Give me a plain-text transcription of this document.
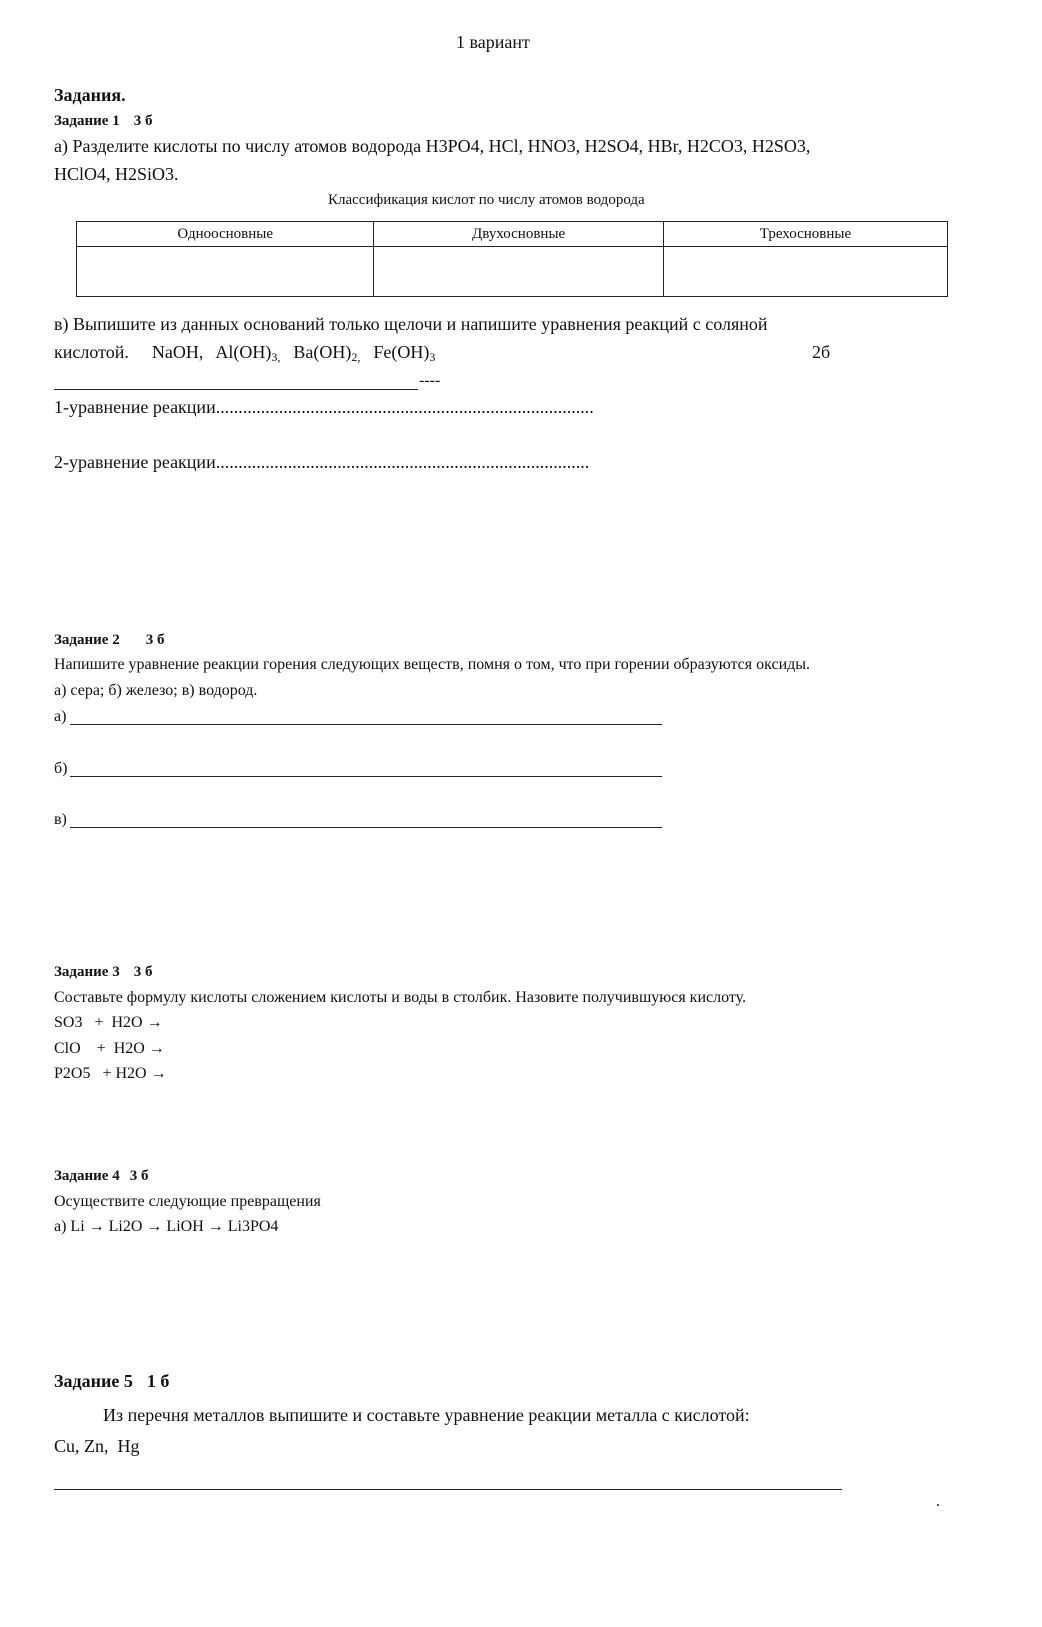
1 вариант
Задания.
Задание 1 3 б
а) Разделите кислоты по числу атомов водорода H3PO4, HCl, HNO3, H2SO4, HBr, H2CO3, H2SO3,
HClO4, H2SiO3.
Классификация кислот по числу атомов водорода
Одноосновные	Двухосновные	Трехосновные

в) Выпишите из данных оснований только щелочи и напишите уравнения реакций с соляной
кислотой. NaOH, $Al(OH)_{3,}$ $Ba(OH)_{2,}$ $Fe(OH)_3$	2б
----
1-уравнение реакции....................................................................................
2-уравнение реакции...................................................................................
Задание 2 3 б
Напишите уравнение реакции горения следующих веществ, помня о том, что при горении образуются оксиды.
а) сера; б) железо; в) водород.
а)
б)
в)
Задание 3 3 б
Составьте формулу кислоты сложением кислоты и воды в столбик. Назовите получившуюся кислоту.
SO3   +  H2O →
ClO    +  H2O →
P2O5   + H2O →
Задание 4 3 б
Осуществите следующие превращения
а) Li → Li2O → LiOH → Li3PO4
Задание 5 1 б
Из перечня металлов выпишите и составьте уравнение реакции металла с кислотой:
Cu, Zn,  Hg
.
